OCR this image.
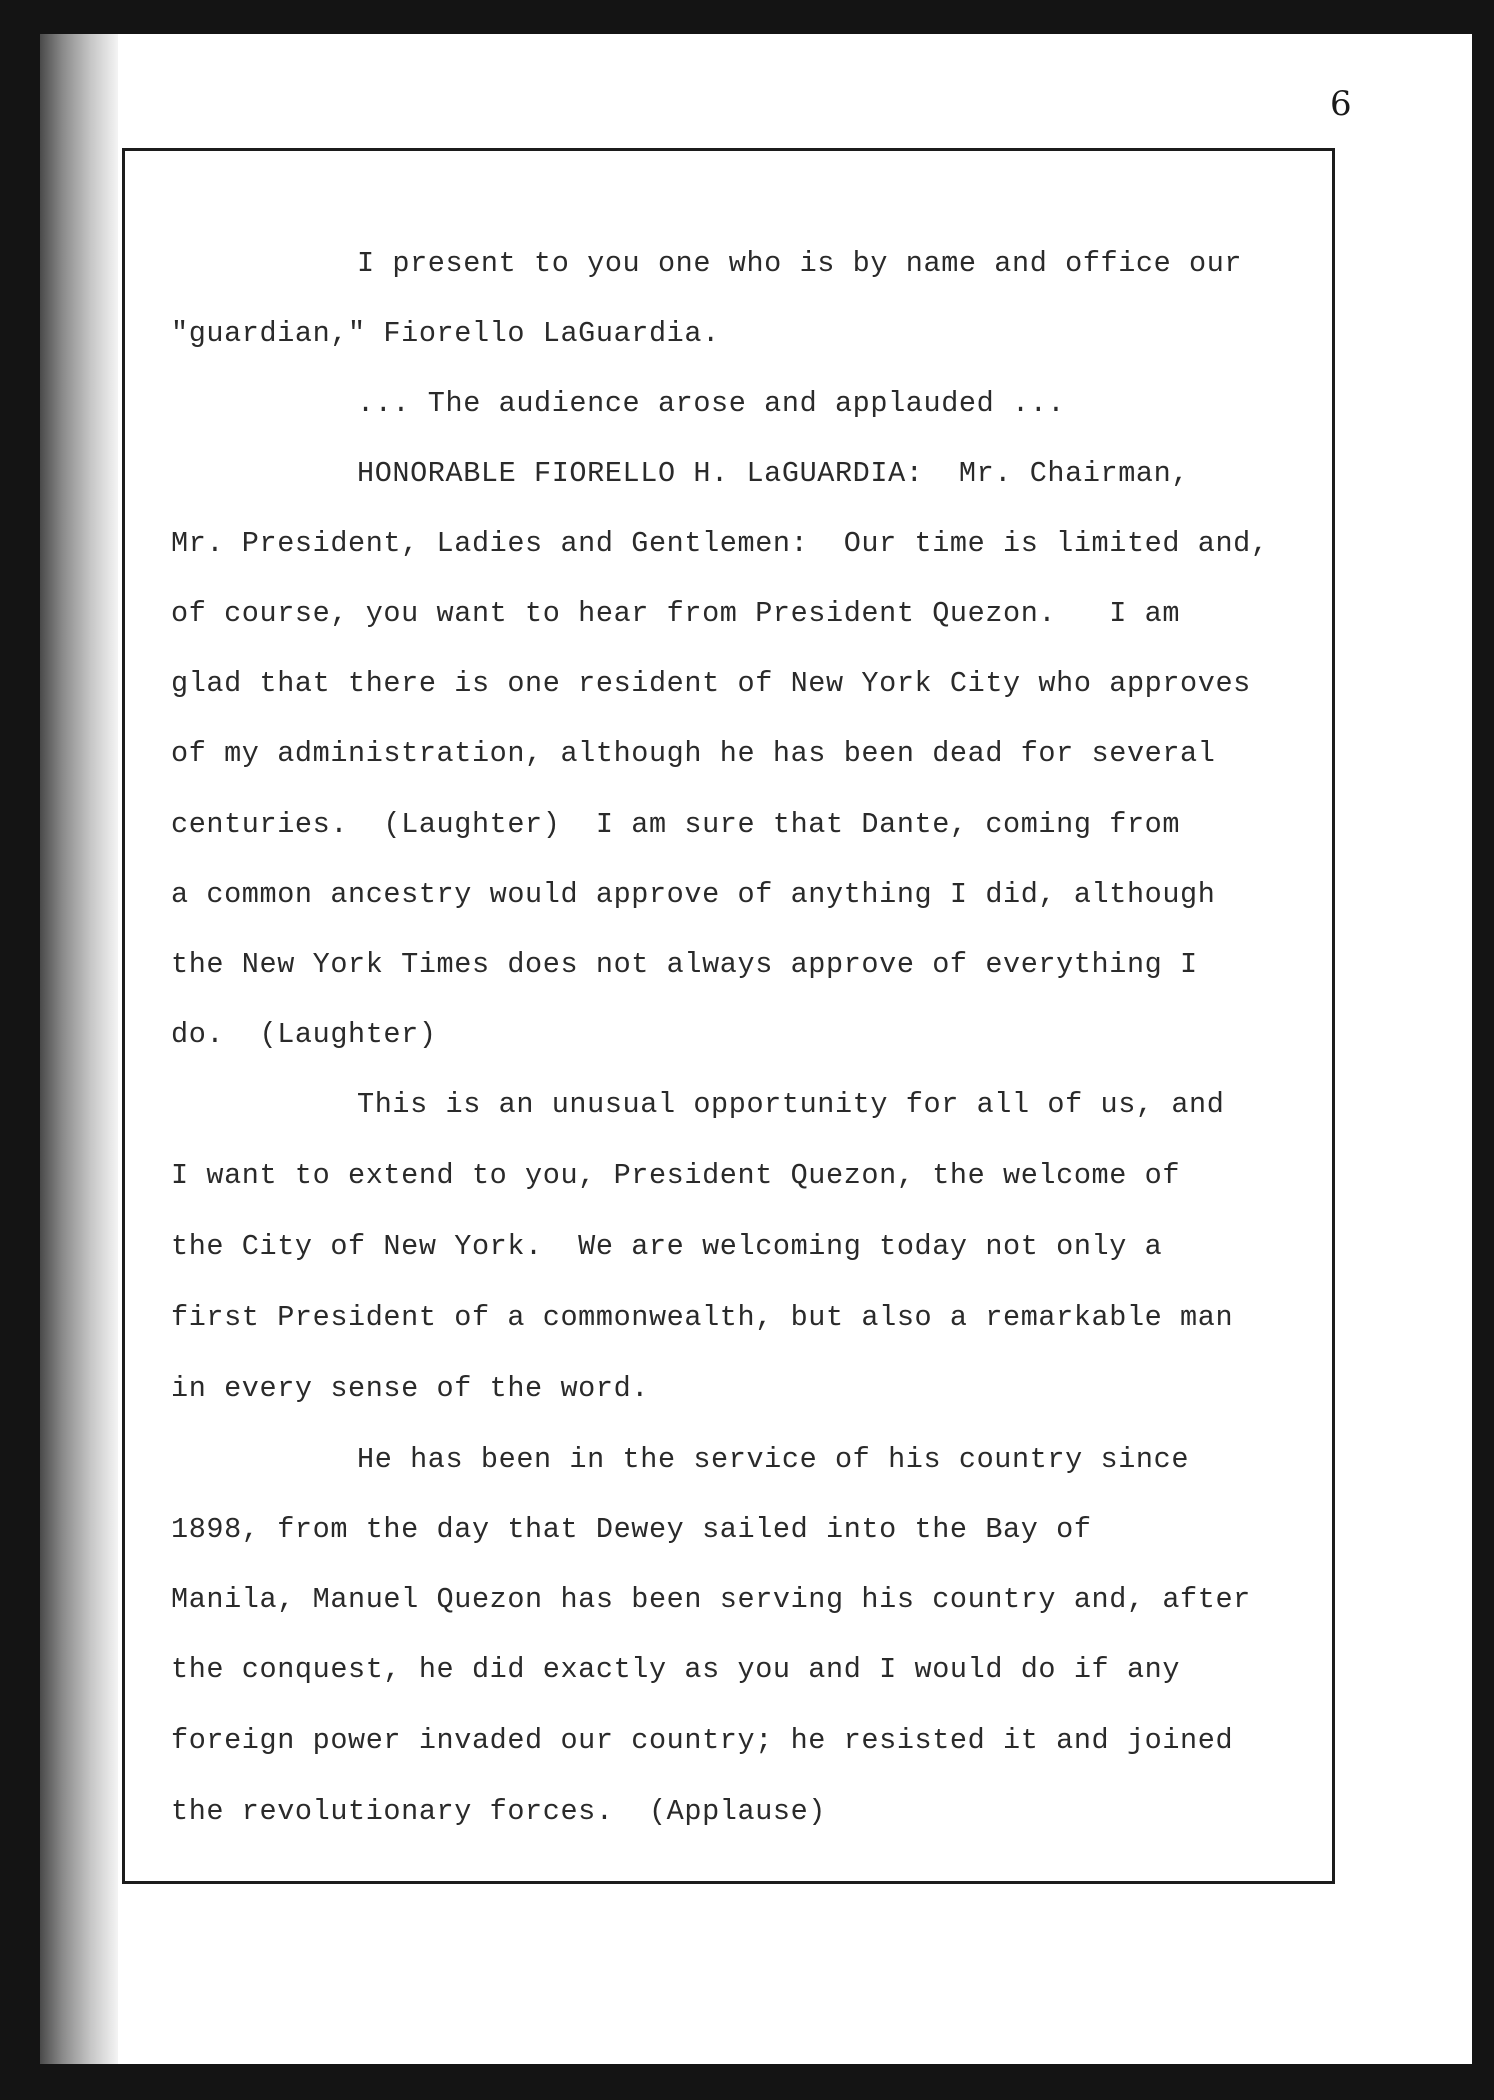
6

I present to you one who is by name and office our

"guardian," Fiorello LaGuardia.

... The audience arose and applauded ...

HONORABLE FIORELLO H. LaGUARDIA:  Mr. Chairman,

Mr. President, Ladies and Gentlemen:  Our time is limited and,

of course, you want to hear from President Quezon.   I am

glad that there is one resident of New York City who approves

of my administration, although he has been dead for several

centuries.  (Laughter)  I am sure that Dante, coming from

a common ancestry would approve of anything I did, although

the New York Times does not always approve of everything I

do.  (Laughter)

This is an unusual opportunity for all of us, and

I want to extend to you, President Quezon, the welcome of

the City of New York.  We are welcoming today not only a

first President of a commonwealth, but also a remarkable man

in every sense of the word.

He has been in the service of his country since

1898, from the day that Dewey sailed into the Bay of

Manila, Manuel Quezon has been serving his country and, after

the conquest, he did exactly as you and I would do if any

foreign power invaded our country; he resisted it and joined

the revolutionary forces.  (Applause)
